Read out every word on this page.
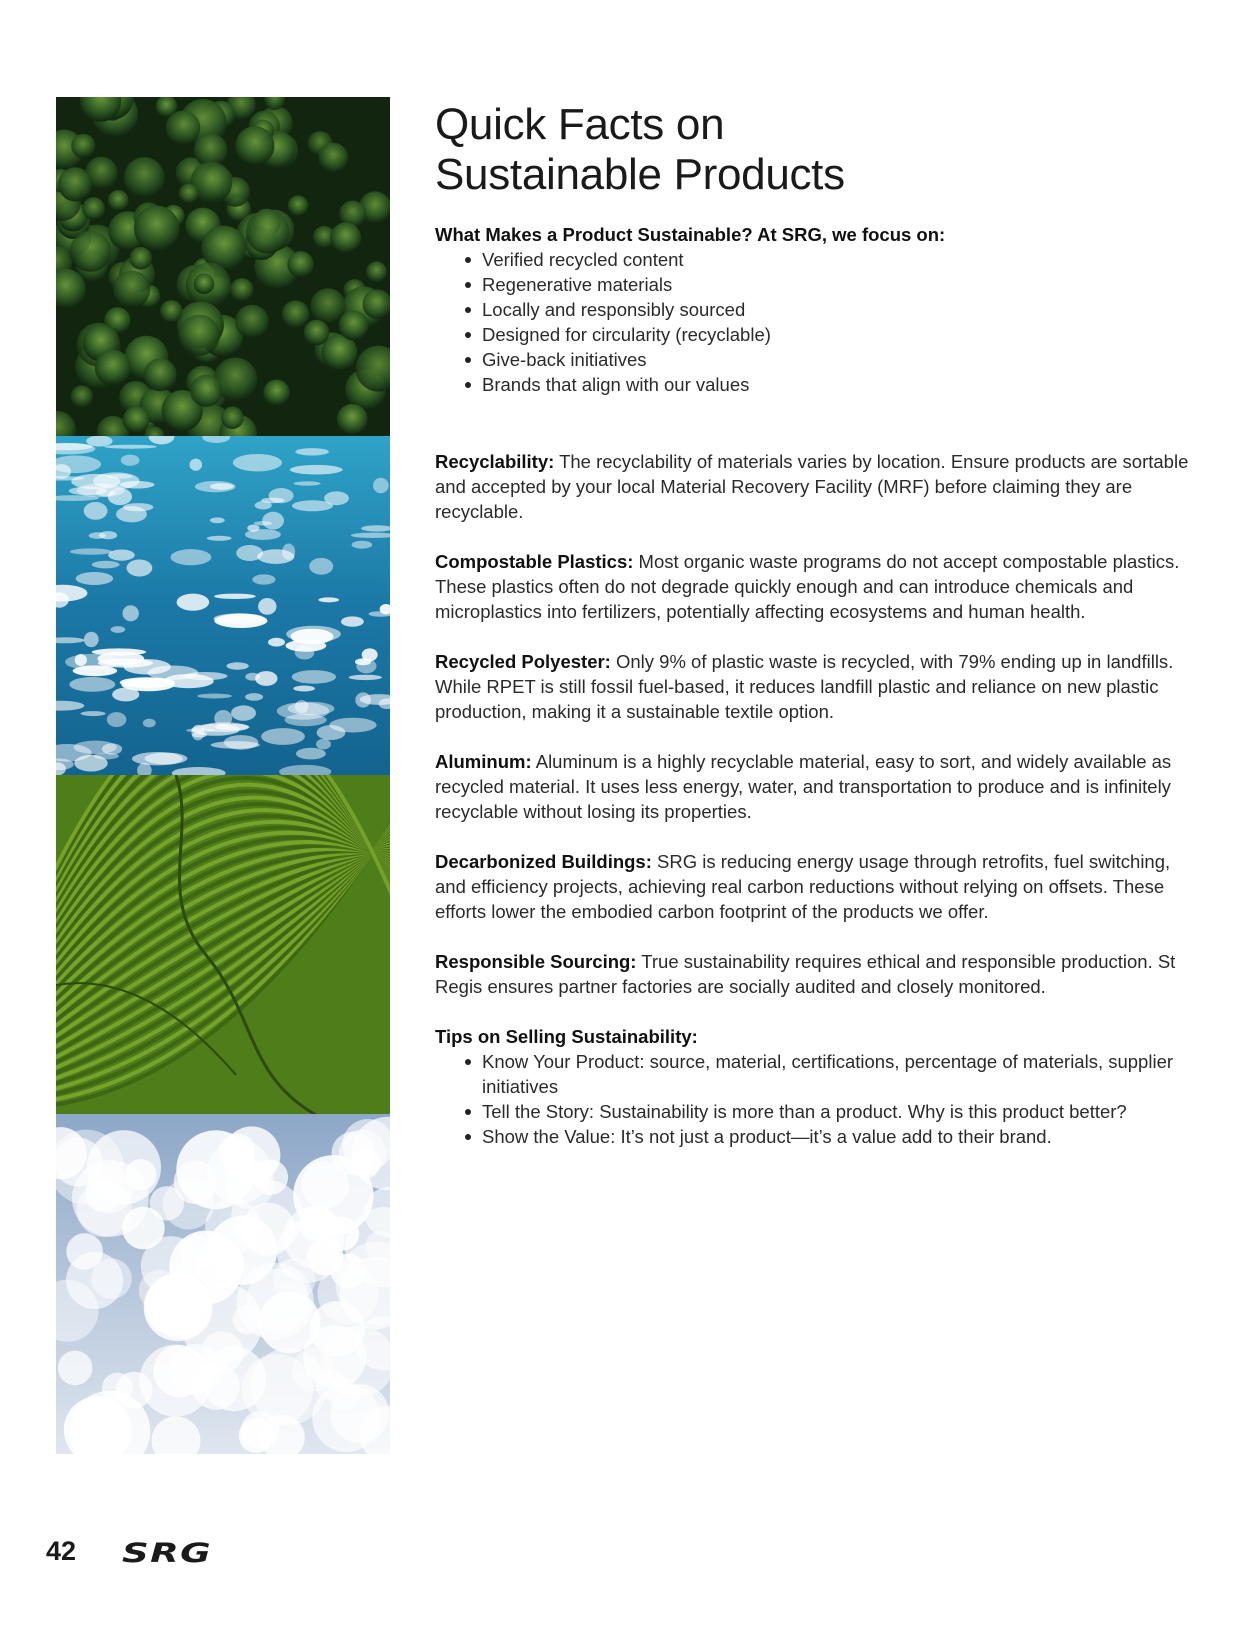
Quick Facts on
Sustainable Products

What Makes a Product Sustainable? At SRG, we focus on:

Verified recycled content
Regenerative materials
Locally and responsibly sourced
Designed for circularity (recyclable)
Give-back initiatives
Brands that align with our values

Recyclability: The recyclability of materials varies by location. Ensure products are sortable and accepted by your local Material Recovery Facility (MRF) before claiming they are recyclable.

Compostable Plastics: Most organic waste programs do not accept compostable plastics. These plastics often do not degrade quickly enough and can introduce chemicals and microplastics into fertilizers, potentially affecting ecosystems and human health.

Recycled Polyester: Only 9% of plastic waste is recycled, with 79% ending up in landfills. While RPET is still fossil fuel-based, it reduces landfill plastic and reliance on new plastic production, making it a sustainable textile option.

Aluminum: Aluminum is a highly recyclable material, easy to sort, and widely available as recycled material. It uses less energy, water, and transportation to produce and is infinitely recyclable without losing its properties.

Decarbonized Buildings: SRG is reducing energy usage through retrofits, fuel switching, and efficiency projects, achieving real carbon reductions without relying on offsets. These efforts lower the embodied carbon footprint of the products we offer.

Responsible Sourcing: True sustainability requires ethical and responsible production. St Regis ensures partner factories are socially audited and closely monitored.

Tips on Selling Sustainability:

Know Your Product: source, material, certifications, percentage of materials, supplier initiatives
Tell the Story: Sustainability is more than a product. Why is this product better?
Show the Value: It’s not just a product—it’s a value add to their brand.
42	SRG
